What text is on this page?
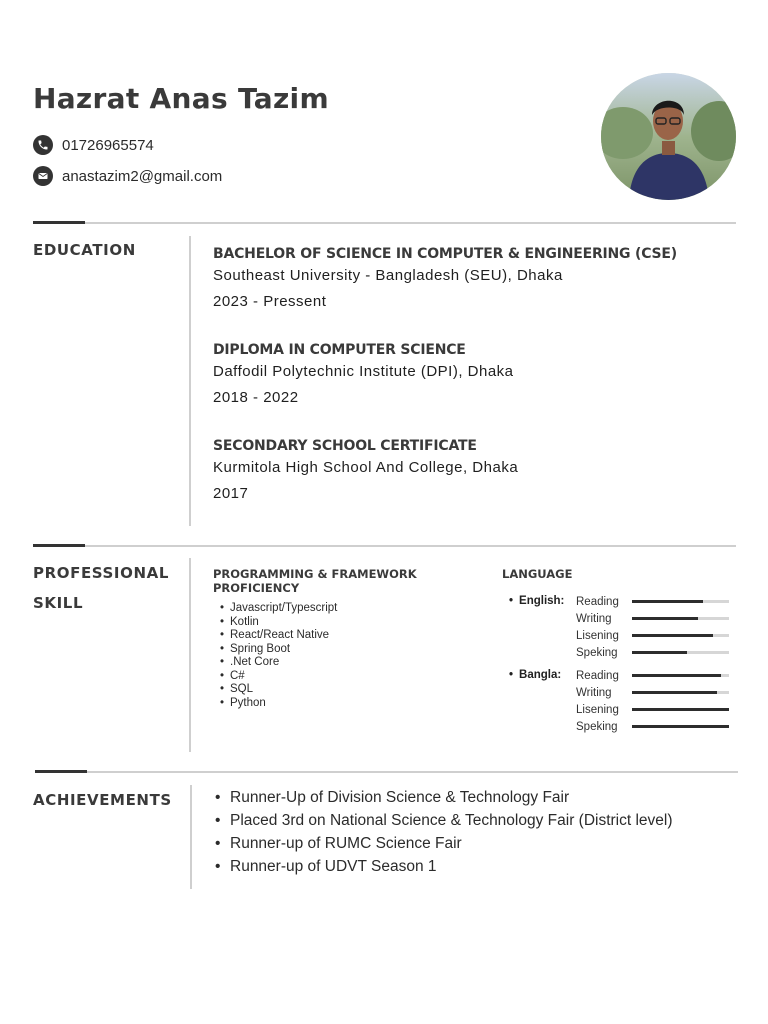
Hazrat Anas Tazim
01726965574
anastazim2@gmail.com
EDUCATION	BACHELOR OF SCIENCE IN COMPUTER & ENGINEERING (CSE)
Southeast University - Bangladesh (SEU), Dhaka
2023 - Pressent
DIPLOMA IN COMPUTER SCIENCE
Daffodil Polytechnic Institute (DPI), Dhaka
2018 - 2022
SECONDARY SCHOOL CERTIFICATE
Kurmitola High School And College, Dhaka
2017
PROFESSIONAL
SKILL
PROGRAMMING & FRAMEWORK
PROFICIENCY
• Javascript/Typescript
• Kotlin
• React/React Native
• Spring Boot
• .Net Core
• C#
• SQL
• Python
LANGUAGE
• English: Reading
Writing
Lisening
Speking
• Bangla: Reading
Writing
Lisening
Speking
ACHIEVEMENTS
•	Runner-Up of Division Science & Technology Fair
• Placed 3rd on National Science & Technology Fair (District level)
• Runner-up of RUMC Science Fair
• Runner-up of UDVT Season 1
